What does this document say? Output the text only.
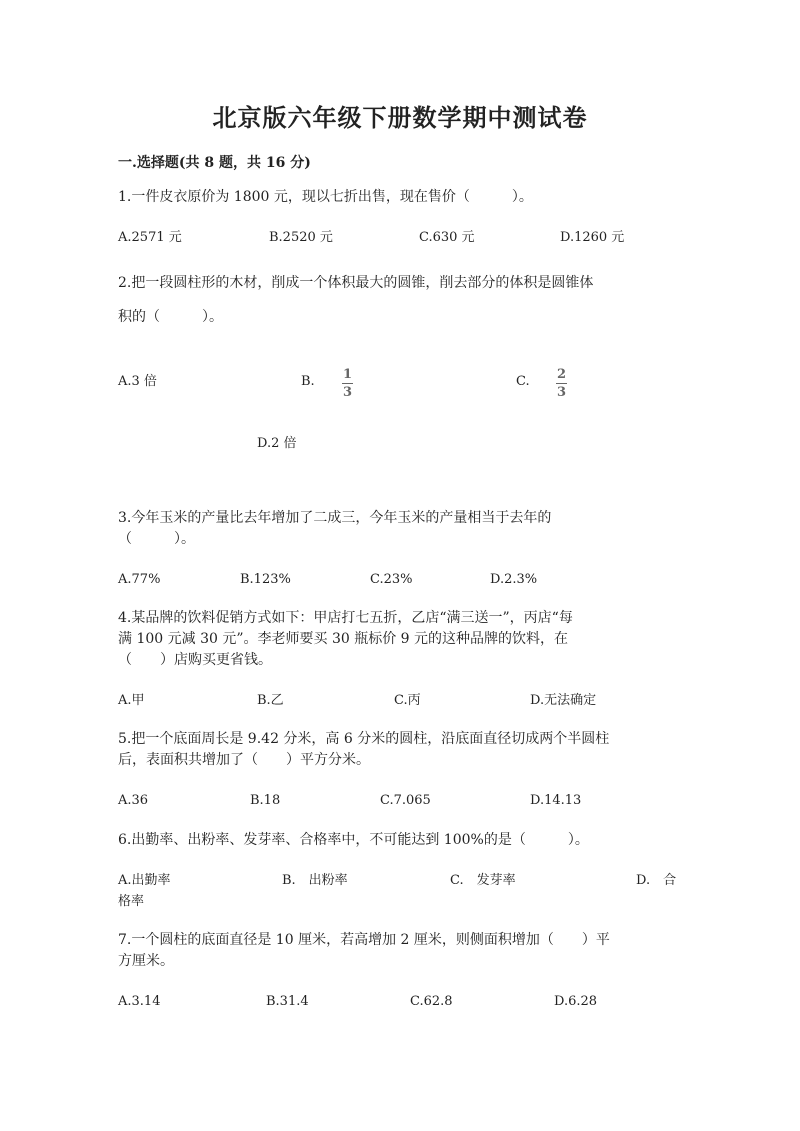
北京版六年级下册数学期中测试卷
一.选择题(共 8 题，共 16 分)
1.一件皮衣原价为 1800 元，现以七折出售，现在售价（　　　）。
A.2571 元	B.2520 元	C.630 元	D.1260 元
2.把一段圆柱形的木材，削成一个体积最大的圆锥，削去部分的体积是圆锥体
积的（　　　）。
A.3 倍	B. 1
3
C. 2
3
D.2 倍
3.今年玉米的产量比去年增加了二成三，今年玉米的产量相当于去年的
（　　　）。
A.77%	B.123%	C.23%	D.2.3%
4.某品牌的饮料促销方式如下：甲店打七五折，乙店“满三送一”，丙店“每
满 100 元减 30 元”。李老师要买 30 瓶标价 9 元的这种品牌的饮料，在
（　　）店购买更省钱。
A.甲	B.乙	C.丙	D.无法确定
5.把一个底面周长是 9.42 分米，高 6 分米的圆柱，沿底面直径切成两个半圆柱
后，表面积共增加了（　　）平方分米。
A.36	B.18	C.7.065	D.14.13
6.出勤率、出粉率、发芽率、合格率中，不可能达到 100%的是（　　　）。
A.出勤率	B.　出粉率	C.　发芽率	D.　合
格率
7.一个圆柱的底面直径是 10 厘米，若高增加 2 厘米，则侧面积增加（　　）平
方厘米。
A.3.14	B.31.4	C.62.8	D.6.28
